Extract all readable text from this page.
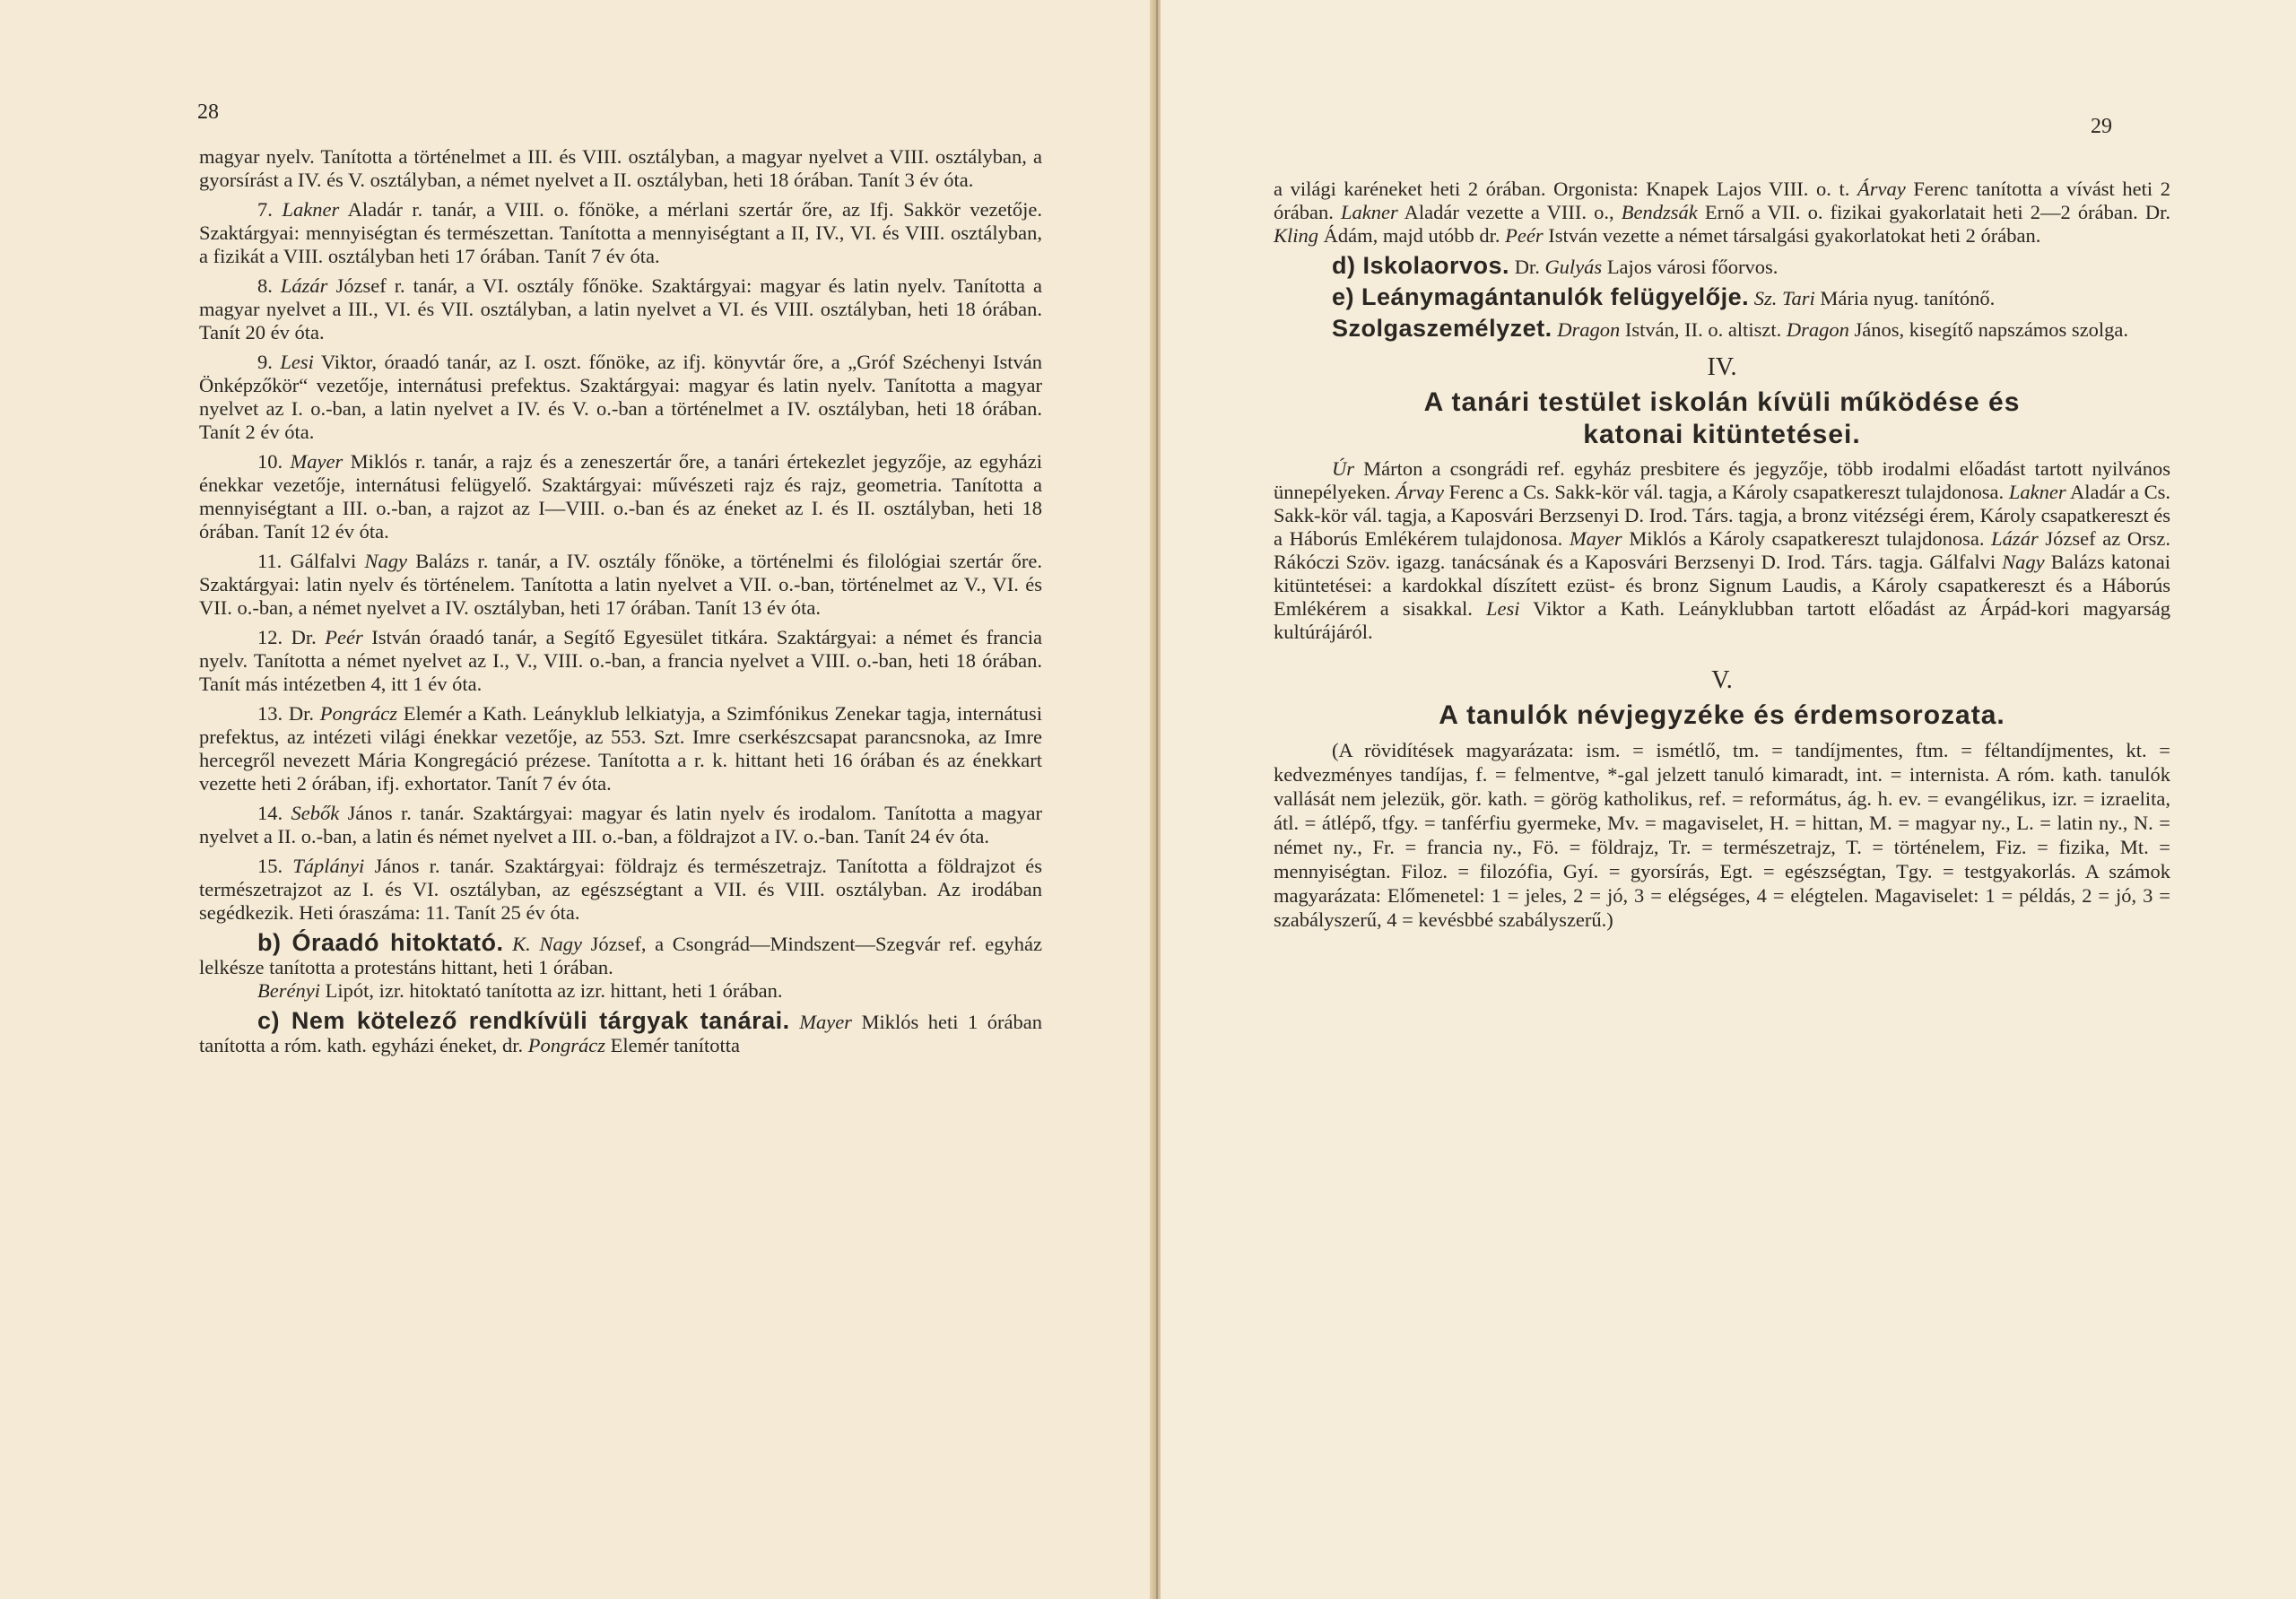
28

magyar nyelv. Tanította a történelmet a III. és VIII. osztályban, a magyar nyelvet a VIII. osztályban, a gyorsírást a IV. és V. osztályban, a német nyelvet a II. osztályban, heti 18 órában. Tanít 3 év óta.

7. Lakner Aladár r. tanár, a VIII. o. főnöke, a mérlani szertár őre, az Ifj. Sakkör vezetője. Szaktárgyai: mennyiségtan és természettan. Tanította a mennyiségtant a II, IV., VI. és VIII. osztályban, a fizikát a VIII. osztályban heti 17 órában. Tanít 7 év óta.

8. Lázár József r. tanár, a VI. osztály főnöke. Szaktárgyai: magyar és latin nyelv. Tanította a magyar nyelvet a III., VI. és VII. osztályban, a latin nyelvet a VI. és VIII. osztályban, heti 18 órában. Tanít 20 év óta.

9. Lesi Viktor, óraadó tanár, az I. oszt. főnöke, az ifj. könyvtár őre, a „Gróf Széchenyi István Önképzőkör“ vezetője, internátusi prefektus. Szaktárgyai: magyar és latin nyelv. Tanította a magyar nyelvet az I. o.-ban, a latin nyelvet a IV. és V. o.-ban a történelmet a IV. osztályban, heti 18 órában. Tanít 2 év óta.

10. Mayer Miklós r. tanár, a rajz és a zeneszertár őre, a tanári értekezlet jegyzője, az egyházi énekkar vezetője, internátusi felügyelő. Szaktárgyai: művészeti rajz és rajz, geometria. Tanította a mennyiségtant a III. o.-ban, a rajzot az I—VIII. o.-ban és az éneket az I. és II. osztályban, heti 18 órában. Tanít 12 év óta.

11. Gálfalvi Nagy Balázs r. tanár, a IV. osztály főnöke, a történelmi és filológiai szertár őre. Szaktárgyai: latin nyelv és történelem. Tanította a latin nyelvet a VII. o.-ban, történelmet az V., VI. és VII. o.-ban, a német nyelvet a IV. osztályban, heti 17 órában. Tanít 13 év óta.

12. Dr. Peér István óraadó tanár, a Segítő Egyesület titkára. Szaktárgyai: a német és francia nyelv. Tanította a német nyelvet az I., V., VIII. o.-ban, a francia nyelvet a VIII. o.-ban, heti 18 órában. Tanít más intézetben 4, itt 1 év óta.

13. Dr. Pongrácz Elemér a Kath. Leányklub lelkiatyja, a Szimfónikus Zenekar tagja, internátusi prefektus, az intézeti világi énekkar vezetője, az 553. Szt. Imre cserkészcsapat parancsnoka, az Imre hercegről nevezett Mária Kongregáció prézese. Tanította a r. k. hittant heti 16 órában és az énekkart vezette heti 2 órában, ifj. exhortator. Tanít 7 év óta.

14. Sebők János r. tanár. Szaktárgyai: magyar és latin nyelv és irodalom. Tanította a magyar nyelvet a II. o.-ban, a latin és német nyelvet a III. o.-ban, a földrajzot a IV. o.-ban. Tanít 24 év óta.

15. Táplányi János r. tanár. Szaktárgyai: földrajz és természetrajz. Tanította a földrajzot és természetrajzot az I. és VI. osztályban, az egészségtant a VII. és VIII. osztályban. Az irodában segédkezik. Heti óraszáma: 11. Tanít 25 év óta.

b) Óraadó hitoktató. K. Nagy József, a Csongrád—Mindszent—Szegvár ref. egyház lelkésze tanította a protestáns hittant, heti 1 órában.

Berényi Lipót, izr. hitoktató tanította az izr. hittant, heti 1 órában.

c) Nem kötelező rendkívüli tárgyak tanárai. Mayer Miklós heti 1 órában tanította a róm. kath. egyházi éneket, dr. Pongrácz Elemér tanította

29

a világi karéneket heti 2 órában. Orgonista: Knapek Lajos VIII. o. t. Árvay Ferenc tanította a vívást heti 2 órában. Lakner Aladár vezette a VIII. o., Bendzsák Ernő a VII. o. fizikai gyakorlatait heti 2—2 órában. Dr. Kling Ádám, majd utóbb dr. Peér István vezette a német társalgási gyakorlatokat heti 2 órában.

d) Iskolaorvos. Dr. Gulyás Lajos városi főorvos.

e) Leánymagántanulók felügyelője. Sz. Tari Mária nyug. tanítónő.

Szolgaszemélyzet. Dragon István, II. o. altiszt. Dragon János, kisegítő napszámos szolga.

IV.
A tanári testület iskolán kívüli működése és katonai kitüntetései.

Úr Márton a csongrádi ref. egyház presbitere és jegyzője, több irodalmi előadást tartott nyilvános ünnepélyeken. Árvay Ferenc a Cs. Sakk-kör vál. tagja, a Károly csapatkereszt tulajdonosa. Lakner Aladár a Cs. Sakk-kör vál. tagja, a Kaposvári Berzsenyi D. Irod. Társ. tagja, a bronz vitézségi érem, Károly csapatkereszt és a Háborús Emlékérem tulajdonosa. Mayer Miklós a Károly csapatkereszt tulajdonosa. Lázár József az Orsz. Rákóczi Szöv. igazg. tanácsának és a Kaposvári Berzsenyi D. Irod. Társ. tagja. Gálfalvi Nagy Balázs katonai kitüntetései: a kardokkal díszített ezüst- és bronz Signum Laudis, a Károly csapatkereszt és a Háborús Emlékérem a sisakkal. Lesi Viktor a Kath. Leányklubban tartott előadást az Árpád-kori magyarság kultúrájáról.

V.
A tanulók névjegyzéke és érdemsorozata.

(A rövidítések magyarázata: ism. = ismétlő, tm. = tandíjmentes, ftm. = féltandíjmentes, kt. = kedvezményes tandíjas, f. = felmentve, *-gal jelzett tanuló kimaradt, int. = internista. A róm. kath. tanulók vallását nem jelezük, gör. kath. = görög katholikus, ref. = református, ág. h. ev. = evangélikus, izr. = izraelita, átl. = átlépő, tfgy. = tanférfiu gyermeke, Mv. = magaviselet, H. = hittan, M. = magyar ny., L. = latin ny., N. = német ny., Fr. = francia ny., Fö. = földrajz, Tr. = természetrajz, T. = történelem, Fiz. = fizika, Mt. = mennyiségtan. Filoz. = filozófia, Gyí. = gyorsírás, Egt. = egészségtan, Tgy. = testgyakorlás. A számok magyarázata: Előmenetel: 1 = jeles, 2 = jó, 3 = elégséges, 4 = elégtelen. Magaviselet: 1 = példás, 2 = jó, 3 = szabályszerű, 4 = kevésbbé szabályszerű.)
